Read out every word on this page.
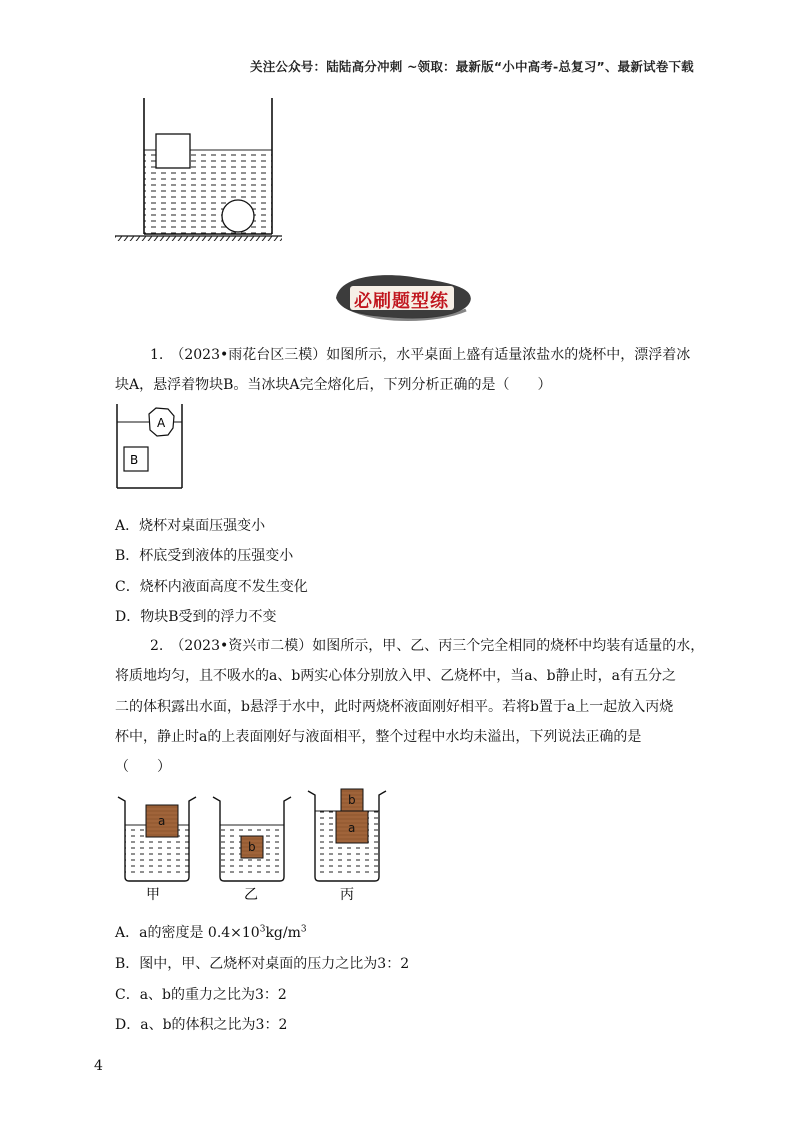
关注公众号：陆陆高分冲刺 ~领取：最新版“小中高考-总复习”、最新试卷下载
必刷题型练
1.　（2023•雨花台区三模）如图所示，水平桌面上盛有适量浓盐水的烧杯中，漂浮着冰
块A，悬浮着物块B。当冰块A完全熔化后，下列分析正确的是（　　）
A
B
A．烧杯对桌面压强变小
B．杯底受到液体的压强变小
C．烧杯内液面高度不发生变化
D．物块B受到的浮力不变
2.　（2023•资兴市二模）如图所示，甲、乙、丙三个完全相同的烧杯中均装有适量的水，
将质地均匀，且不吸水的a、b两实心体分别放入甲、乙烧杯中，当a、b静止时，a有五分之
二的体积露出水面，b悬浮于水中，此时两烧杯液面刚好相平。若将b置于a上一起放入丙烧
杯中，静止时a的上表面刚好与液面相平，整个过程中水均未溢出，下列说法正确的是
（　　）
a
b
b
a
甲	乙	丙
A．a的密度是 $0.4\times 10^3kg/m^3$
B．图中，甲、乙烧杯对桌面的压力之比为3：2
C．a、b的重力之比为3：2
D．a、b的体积之比为3：2
4
